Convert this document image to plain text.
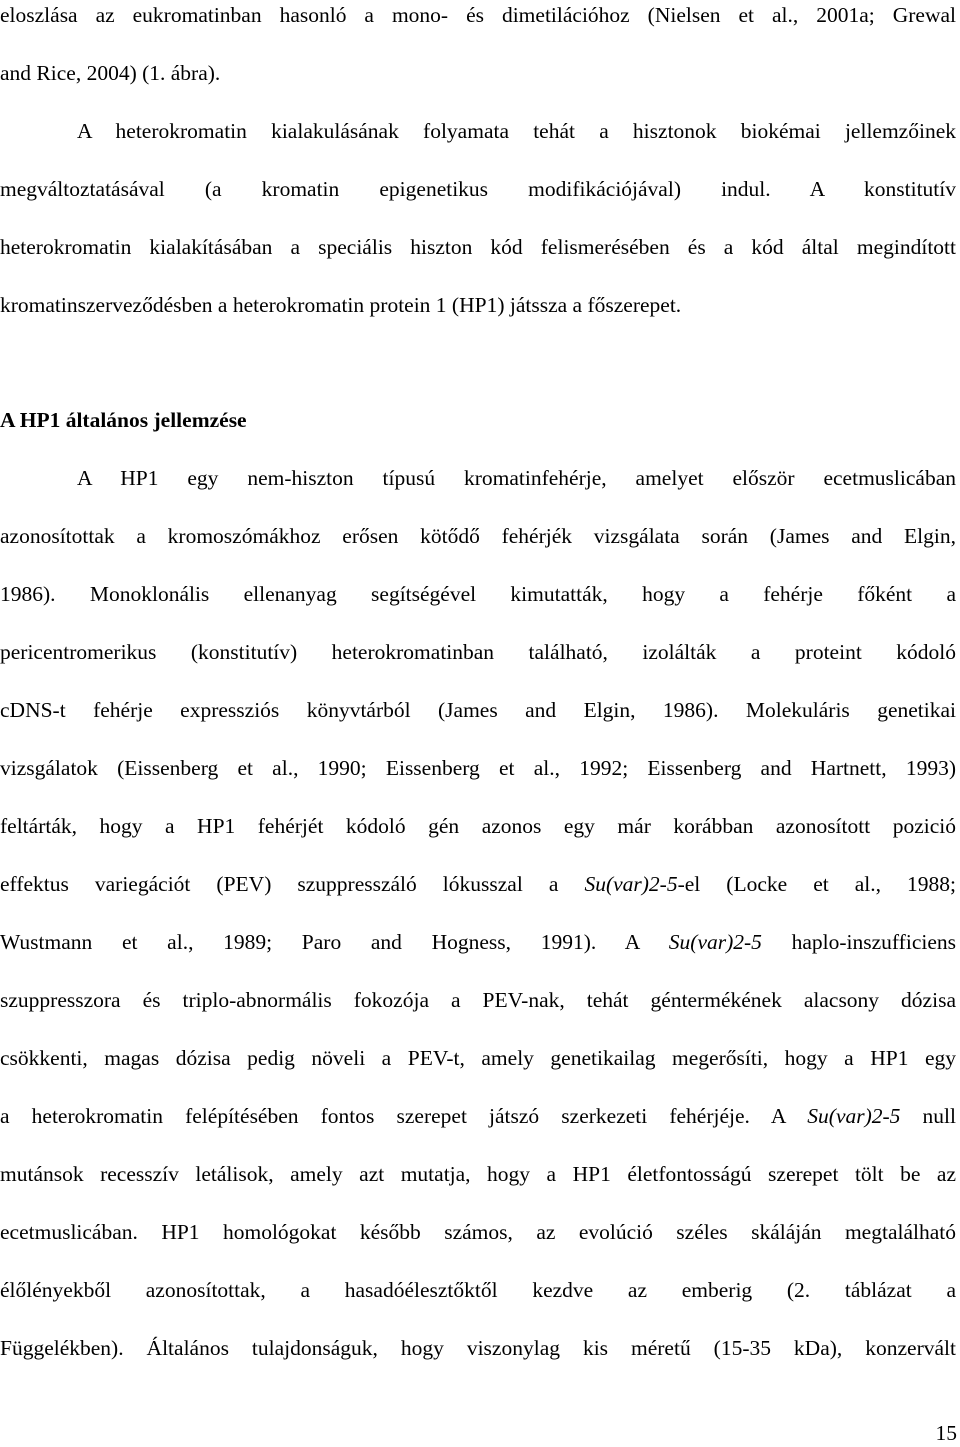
eloszlása az eukromatinban hasonló a mono- és dimetilációhoz (Nielsen et al., 2001a; Grewal
and Rice, 2004) (1. ábra).
A heterokromatin kialakulásának folyamata tehát a hisztonok biokémai jellemzőinek
megváltoztatásával (a kromatin epigenetikus modifikációjával) indul. A konstitutív
heterokromatin kialakításában a speciális hiszton kód felismerésében és a kód által megindított
kromatinszerveződésben a heterokromatin protein 1 (HP1) játssza a főszerepet.
A HP1 általános jellemzése
A HP1 egy nem-hiszton típusú kromatinfehérje, amelyet először ecetmuslicában
azonosítottak a kromoszómákhoz erősen kötődő fehérjék vizsgálata során (James and Elgin,
1986). Monoklonális ellenanyag segítségével kimutatták, hogy a fehérje főként a
pericentromerikus (konstitutív) heterokromatinban található, izolálták a proteint kódoló
cDNS-t fehérje expressziós könyvtárból (James and Elgin, 1986). Molekuláris genetikai
vizsgálatok (Eissenberg et al., 1990; Eissenberg et al., 1992; Eissenberg and Hartnett, 1993)
feltárták, hogy a HP1 fehérjét kódoló gén azonos egy már korábban azonosított pozició
effektus variegációt (PEV) szuppresszáló lókusszal a Su(var)2-5-el (Locke et al., 1988;
Wustmann et al., 1989; Paro and Hogness, 1991). A Su(var)2-5 haplo-inszufficiens
szuppresszora és triplo-abnormális fokozója a PEV-nak, tehát géntermékének alacsony dózisa
csökkenti, magas dózisa pedig növeli a PEV-t, amely genetikailag megerősíti, hogy a HP1 egy
a heterokromatin felépítésében fontos szerepet játszó szerkezeti fehérjéje. A Su(var)2-5 null
mutánsok recesszív letálisok, amely azt mutatja, hogy a HP1 életfontosságú szerepet tölt be az
ecetmuslicában. HP1 homológokat később számos, az evolúció széles skáláján megtalálható
élőlényekből azonosítottak, a hasadóélesztőktől kezdve az emberig (2. táblázat a
Függelékben). Általános tulajdonságuk, hogy viszonylag kis méretű (15-35 kDa), konzervált
15
